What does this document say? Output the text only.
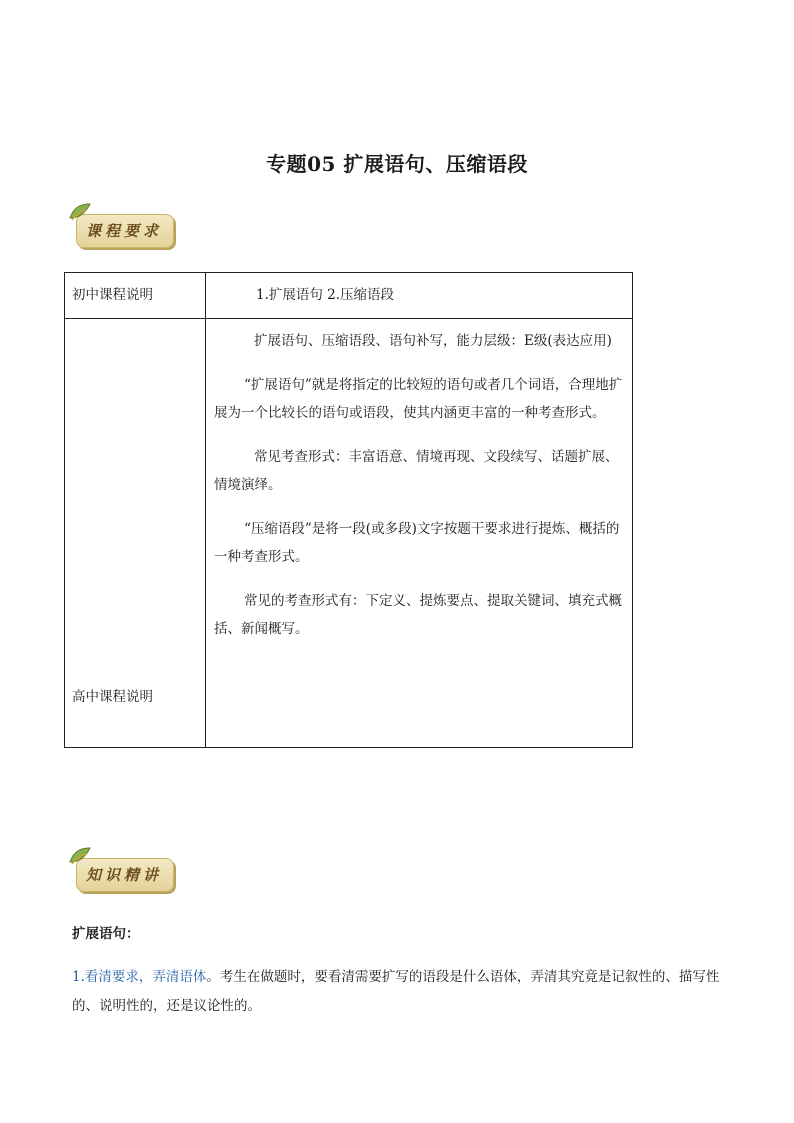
专题05 扩展语句、压缩语段
课程要求
初中课程说明	1.扩展语句 2.压缩语段

高中课程说明	扩展语句、压缩语段、语句补写，能力层级：E级(表达应用)

“扩展语句”就是将指定的比较短的语句或者几个词语，合理地扩展为一个比较长的语句或语段，使其内涵更丰富的一种考查形式。

常见考查形式：丰富语意、情境再现、文段续写、话题扩展、情境演绎。

“压缩语段”是将一段(或多段)文字按题干要求进行提炼、概括的一种考查形式。

常见的考查形式有：下定义、提炼要点、提取关键词、填充式概括、新闻概写。

知识精讲
扩展语句：
1.看清要求，弄清语体。考生在做题时，要看清需要扩写的语段是什么语体，弄清其究竟是记叙性的、描写性的、说明性的，还是议论性的。
